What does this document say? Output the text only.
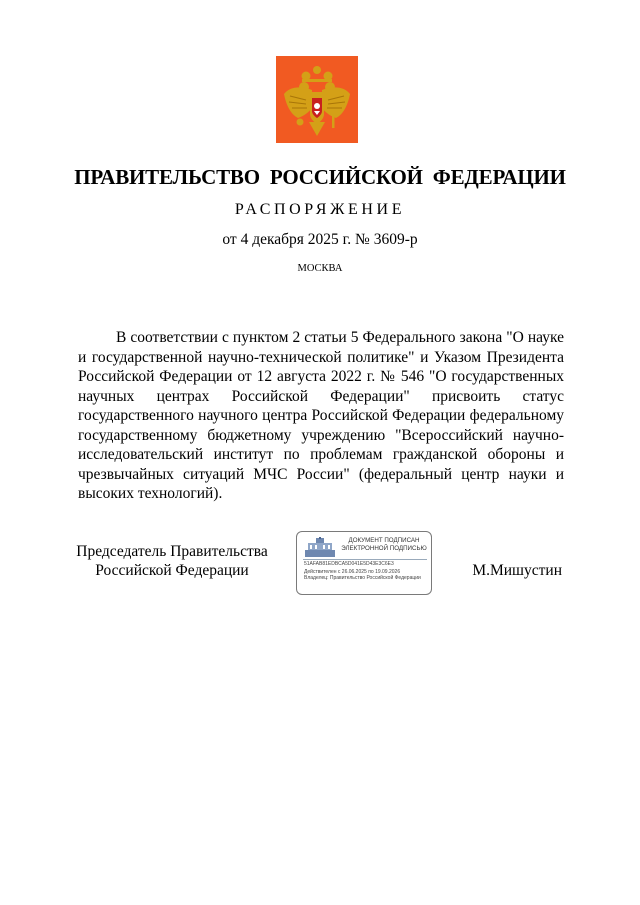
ПРАВИТЕЛЬСТВО РОССИЙСКОЙ ФЕДЕРАЦИИ
РАСПОРЯЖЕНИЕ
от 4 декабря 2025 г. № 3609-р
МОСКВА
В соответствии с пунктом 2 статьи 5 Федерального закона "О науке и государственной научно-технической политике" и Указом Президента Российской Федерации от 12 августа 2022 г. № 546 "О государственных научных центрах Российской Федерации" присвоить статус государственного научного центра Российской Федерации федеральному государственному бюджетному учреждению "Всероссийский научно-исследовательский институт по проблемам гражданской обороны и чрезвычайных ситуаций МЧС России" (федеральный центр науки и высоких технологий).
Председатель Правительства
Российской Федерации
ДОКУМЕНТ ПОДПИСАН
ЭЛЕКТРОННОЙ ПОДПИСЬЮ
51AFAB81EDBCA5D041E5D43E3C6E3
Действителен с 26.06.2025 по 19.09.2026
Владелец: Правительство Российской Федерации	М.Мишустин
